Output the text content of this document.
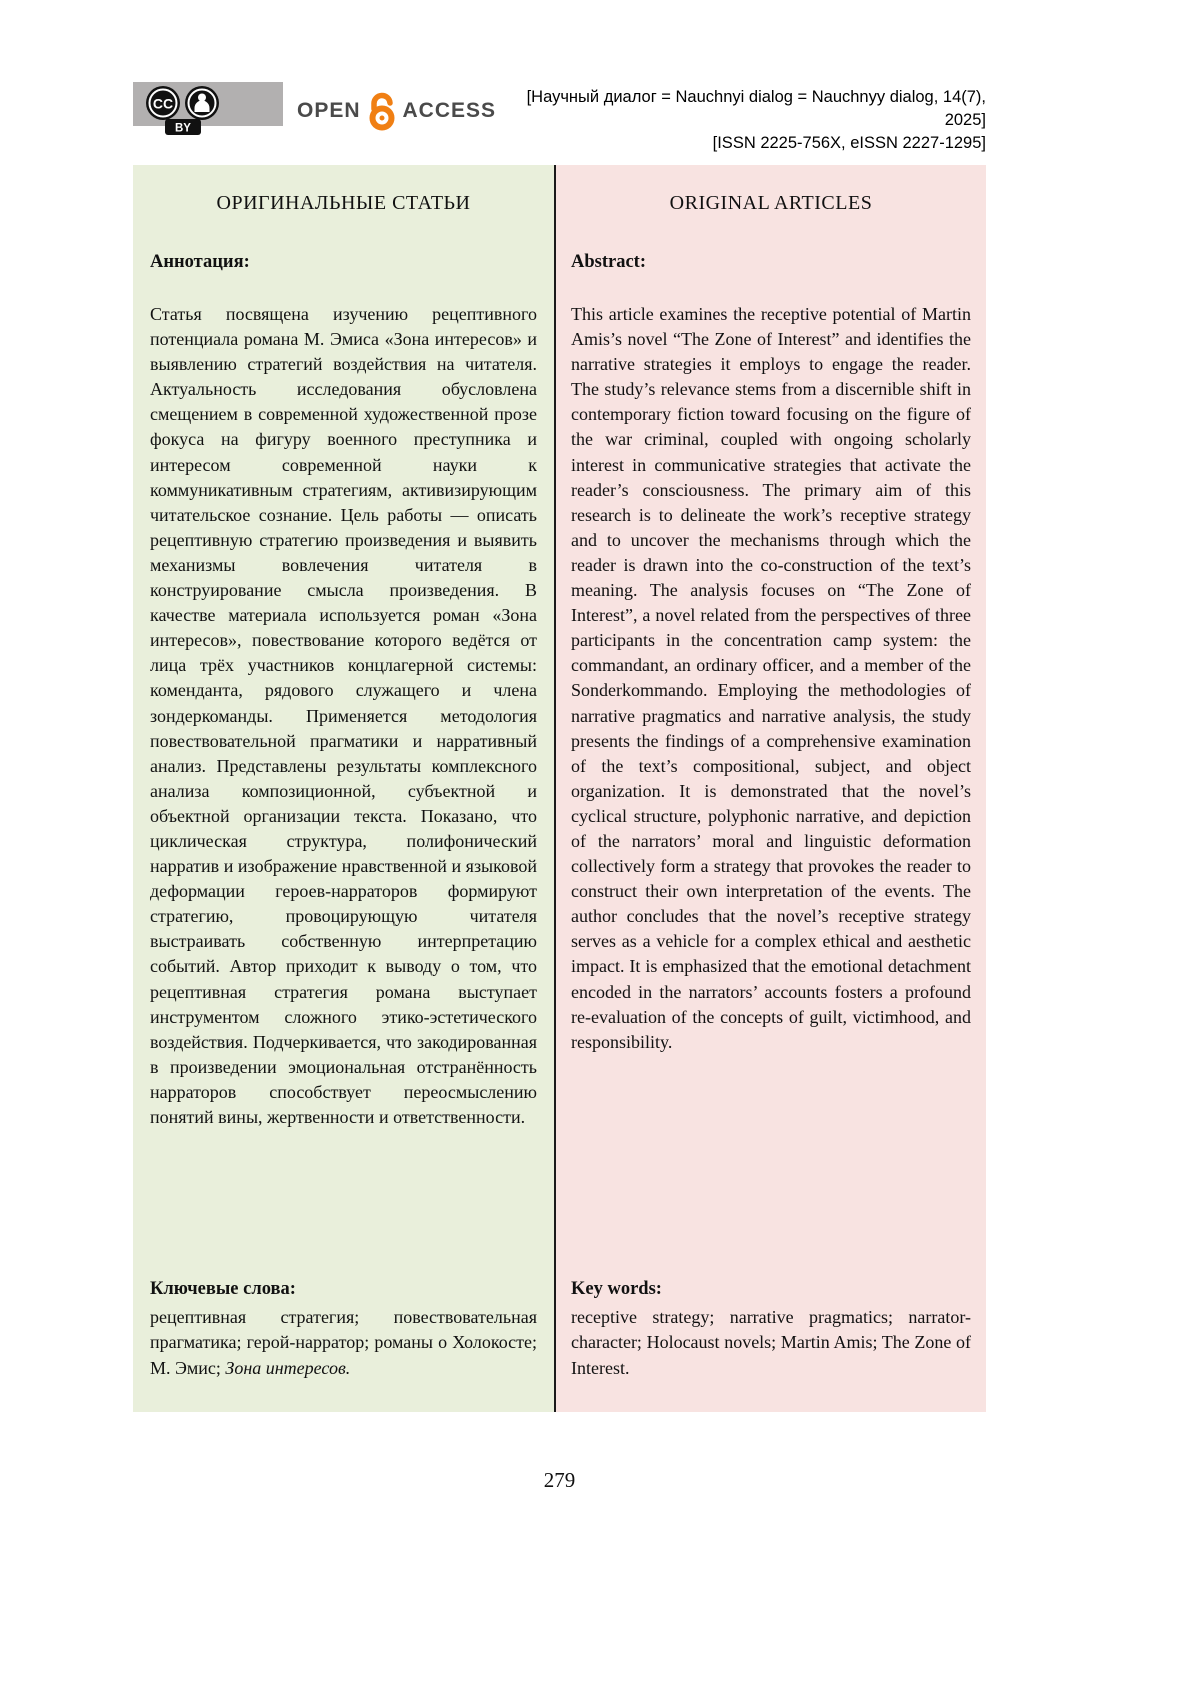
CC
BY
OPEN ACCESS
[Научный диалог = Nauchnyi dialog = Nauchnyy dialog, 14(7), 2025]
[ISSN 2225-756X, eISSN 2227-1295]
ОРИГИНАЛЬНЫЕ СТАТЬИ
Аннотация:

Статья посвящена изучению рецептивного потенциала романа М. Эмиса «Зона интересов» и выявлению стратегий воздействия на читателя. Актуальность исследования обусловлена смещением в современной художественной прозе фокуса на фигуру военного преступника и интересом современной науки к коммуникативным стратегиям, активизирующим читательское сознание. Цель работы — описать рецептивную стратегию произведения и выявить механизмы вовлечения читателя в конструирование смысла произведения. В качестве материала используется роман «Зона интересов», повествование которого ведётся от лица трёх участников концлагерной системы: коменданта, рядового служащего и члена зондеркоманды. Применяется методология повествовательной прагматики и нарративный анализ. Представлены результаты комплексного анализа композиционной, субъектной и объектной организации текста. Показано, что циклическая структура, полифонический нарратив и изображение нравственной и языковой деформации героев-нарраторов формируют стратегию, провоцирующую читателя выстраивать собственную интерпретацию событий. Автор приходит к выводу о том, что рецептивная стратегия романа выступает инструментом сложного этико-эстетического воздействия. Подчеркивается, что закодированная в произведении эмоциональная отстранённость нарраторов способствует переосмыслению понятий вины, жертвенности и ответственности.

Ключевые слова:
рецептивная стратегия; повествовательная прагматика; герой-нарратор; романы о Холокосте; М. Эмис; Зона интересов.
ORIGINAL ARTICLES
Abstract:

This article examines the receptive potential of Martin Amis’s novel “The Zone of Interest” and identifies the narrative strategies it employs to engage the reader. The study’s relevance stems from a discernible shift in contemporary fiction toward focusing on the figure of the war criminal, coupled with ongoing scholarly interest in communicative strategies that activate the reader’s consciousness. The primary aim of this research is to delineate the work’s receptive strategy and to uncover the mechanisms through which the reader is drawn into the co-construction of the text’s meaning. The analysis focuses on “The Zone of Interest”, a novel related from the perspectives of three participants in the concentration camp system: the commandant, an ordinary officer, and a member of the Sonderkommando. Employing the methodologies of narrative pragmatics and narrative analysis, the study presents the findings of a comprehensive examination of the text’s compositional, subject, and object organization. It is demonstrated that the novel’s cyclical structure, polyphonic narrative, and depiction of the narrators’ moral and linguistic deformation collectively form a strategy that provokes the reader to construct their own interpretation of the events. The author concludes that the novel’s receptive strategy serves as a vehicle for a complex ethical and aesthetic impact. It is emphasized that the emotional detachment encoded in the narrators’ accounts fosters a profound re-evaluation of the concepts of guilt, victimhood, and responsibility.

Key words:
receptive strategy; narrative pragmatics; narrator-character; Holocaust novels; Martin Amis; The Zone of Interest.
279
